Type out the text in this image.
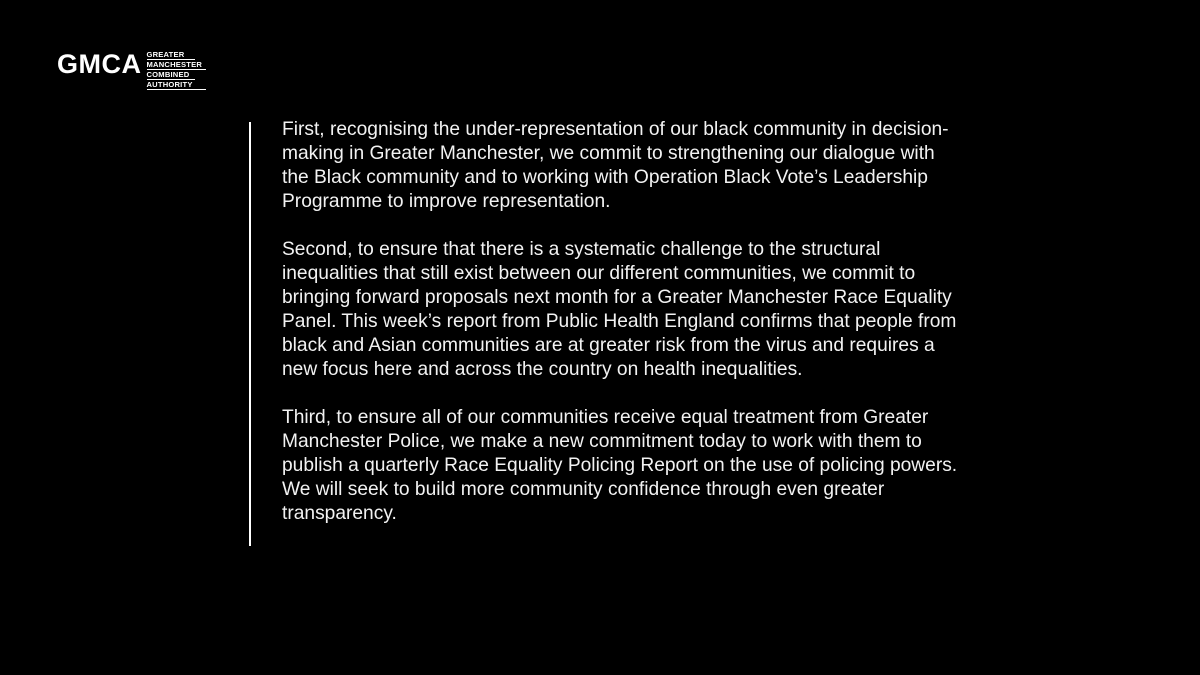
GMCA GREATER
MANCHESTER
COMBINED
AUTHORITY

First, recognising the under-representation of our black community in decision-making in Greater Manchester, we commit to strengthening our dialogue with the Black community and to working with Operation Black Vote’s Leadership Programme to improve representation.

Second, to ensure that there is a systematic challenge to the structural inequalities that still exist between our different communities, we commit to bringing forward proposals next month for a Greater Manchester Race Equality Panel. This week’s report from Public Health England confirms that people from black and Asian communities are at greater risk from the virus and requires a new focus here and across the country on health inequalities.

Third, to ensure all of our communities receive equal treatment from Greater Manchester Police, we make a new commitment today to work with them to publish a quarterly Race Equality Policing Report on the use of policing powers. We will seek to build more community confidence through even greater transparency.
